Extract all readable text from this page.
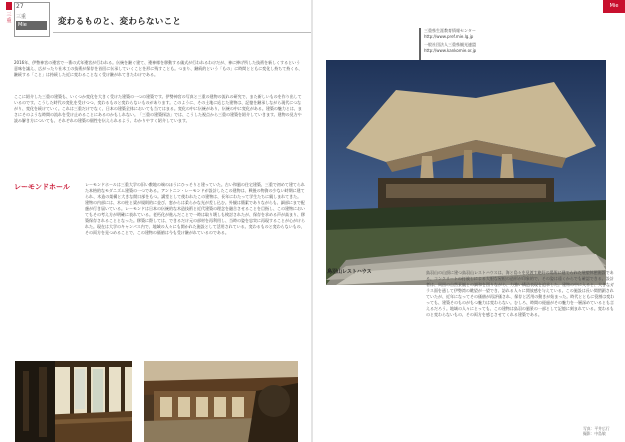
三重
27
三重
Mie	変わるものと、変わらないこと
2016年、伊勢神宮の遷宮で一番の式年遷宮が行われる。伝統を継ぐ建て、遷神様を移動する儀式が行われるわけだが、神に捧げ所した技術を新しくするという意味を議え、広がったり社木工の技術が保存を首回に伝承していくことを形に残すことも。つまり、継続的という「もの」に時間とともに変化し持ちて持くる、継続する「こと」は持続した近に変わることなく受け継がれてきたわけである。
ここに紹介した三重の建築も、いくつか変化を大きく受けた建築の一つの建築です。伊勢神宮の写真と三重の建物の流れの研究で、また新しいものを作り出しているのです。こうした時代の変化を受けつつ、変わるものと変わらないものがあります。このように、その土地に応じた建物は、記憶を継承しながら現代につながり、変化を続けていく。これは三重だけでなく、日本の建築全体においても当てはまる。変化の中に伝統があり、伝統の中に変化がある。建築の魅力とは、まさにそのような時間の流れを受け止めることにあるのかもしれない。「三重の建築探訪」では、こうした視点から三重の建築を紹介していきます。建物の見方や読み解き方についても、それぞれの建築の個性を伝えられるよう、わかりやすく紹介しています。
レーモンドホール	レーモンドホールは三重大学の旧い敷地の端のほうにひっそりと建っていた。古い和風の住宅建築、三重で初めて建てられた本格的なモダニズム建築の一つである。アントニン・レーモンドが設計したこの建物は、戦後の物資の少ない時期に建てられ、木造の架構と大きな開口部をもつ。講堂として使われたこの建物は、長年にわたって学生たちに親しまれてきた。建物の内部には、木の柱と梁が規則的に並び、窓からは柔らかな光が差し込む。外観は簡素でありながらも、細部にまで配慮が行き届いている。レーモンドは日本の伝統的な木造技術と近代建築の理念を融合させることを目指し、この建物においてもその考え方が明確に表れている。老朽化が進んだことで一時は取り壊しも検討されたが、保存を求める声が高まり、移築保存されることとなった。移築に際しては、できるだけ元の部材を再利用し、当時の姿を忠実に再現することが心がけられた。現在は大学のキャンパス内で、地域の人々にも開かれた施設として活用されている。変わるものと変わらないもの、その両方を見つめることで、この建物の価値は今も受け継がれているのである。
Mie
三重県生涯教育情報センター
http://www.pref.mie.lg.jp
一般社団法人三重県観光連盟
http://www.kankomie.or.jp
鳥羽山レストハウス	鳥羽山の山頂に建つ鳥羽山レストハウスは、海と島々を見渡す絶好の場所に建てられた展望休憩施設である。コンクリートの打放しによる大胆な屋根の造形が印象的で、その姿は遠くからでも確認できる。設計者は、周囲の自然景観との調和を図りながら、力強い構造表現を追求した。建物の中に入ると、大きなガラス面を通して伊勢湾の眺望が一望でき、訪れる人々に開放感を与えている。この施設は長い間閉鎖されていたが、近年になってその価値が再評価され、保存と活用の動きが始まった。時代とともに役割は変わっても、建築そのものがもつ魅力は変わらない。むしろ、時間の経過がその魅力を一層深めているとも言えるだろう。地域の人々にとっても、この建物は鳥羽の風景の一部として記憶に刻まれている。変わるものと変わらないもの、その両方を感じさせてくれる建築である。
写真：平井広行
撮影：中島敏
